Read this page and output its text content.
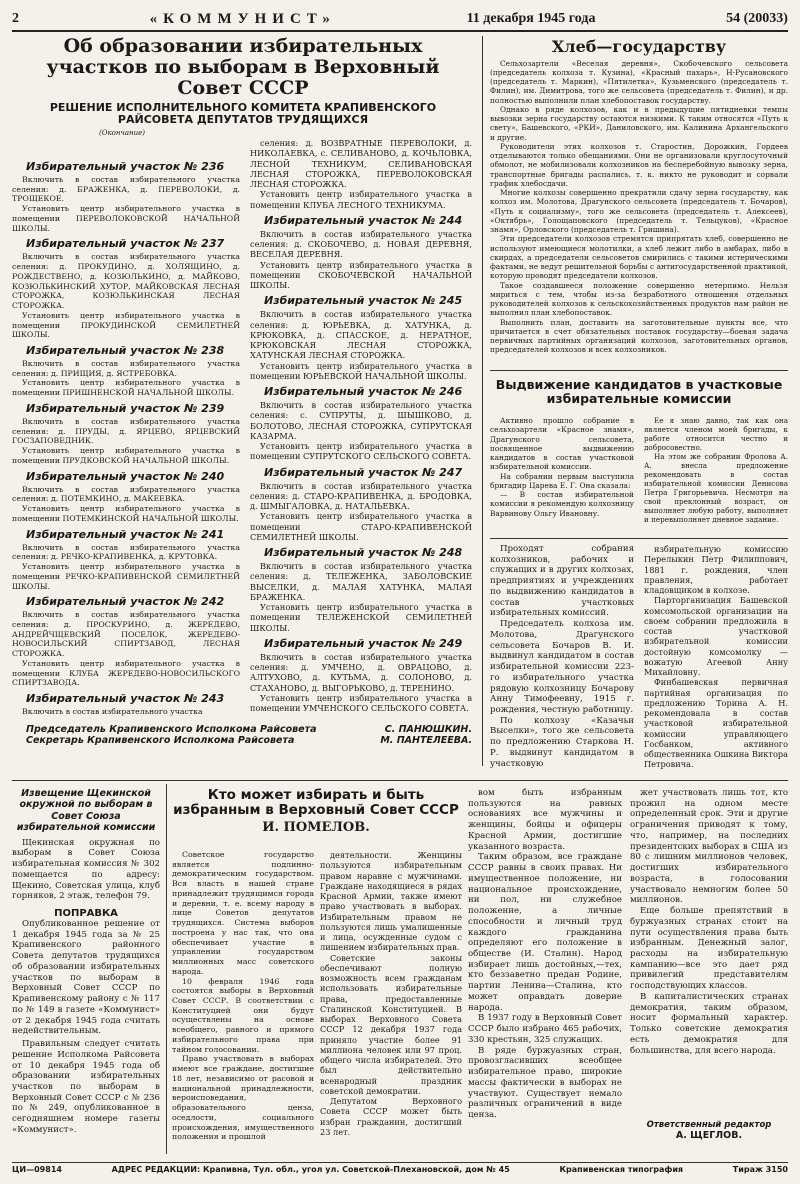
2	«КОММУНИСТ»	11 декабря 1945 года	54 (20033)
Об образовании избирательных участков по выборам в Верховный Совет СССР
РЕШЕНИЕ ИСПОЛНИТЕЛЬНОГО КОМИТЕТА КРАПИВЕНСКОГО РАЙСОВЕТА ДЕПУТАТОВ ТРУДЯЩИХСЯ
(Окончание)
Избирательный участок № 236
Включить в состав избирательного участка селения: д. БРАЖЕНКА, д. ПЕРЕВОЛОКИ, д. ТРОЩЕКОЕ.
Установить центр избирательного участка в помещении ПЕРЕВОЛОКОВСКОЙ НАЧАЛЬНОЙ ШКОЛЫ.
Избирательный участок № 237
Включить в состав избирательного участка селения: д. ПРОКУДИНО, д. ХОЛЯЩИНО, д. РОЖДЕСТВЕНО, д. КОЗЮЛЬКИНО, д. МАЙКОВО, КОЗЮЛЬКИНСКИЙ ХУТОР, МАЙКОВСКАЯ ЛЕСНАЯ СТОРОЖКА, КОЗЮЛЬКИНСКАЯ ЛЕСНАЯ СТОРОЖКА.
Установить центр избирательного участка в помещении ПРОКУДИНСКОЙ СЕМИЛЕТНЕЙ ШКОЛЫ.
Избирательный участок № 238
Включить в состав избирательного участка селения: д. ПРИЩИЯ, д. ЯСТРЕБОВКА.
Установить центр избирательного участка в помещении ПРИШНЕНСКОЙ НАЧАЛЬНОЙ ШКОЛЫ.
Избирательный участок № 239
Включить в состав избирательного участка селения: д. ПРУДЫ, д. ЯРЦЕВО, ЯРЦЕВСКИЙ ГОСЗАПОВЕДНИК.
Установить центр избирательного участка в помещении ПРУДКОВСКОЙ НАЧАЛЬНОЙ ШКОЛЫ.
Избирательный участок № 240
Включить в состав избирательного участка селения: д. ПОТЕМКИНО, д. МАКЕЕВКА.
Установить центр избирательного участка в помещении ПОТЕМКИНСКОЙ НАЧАЛЬНОЙ ШКОЛЫ.
Избирательный участок № 241
Включить в состав избирательного участка селения: д. РЕЧКО-КРАПИВЕНКА, д. КРУТОВКА.
Установить центр избирательного участка в помещении РЕЧКО-КРАПИВЕНСКОЙ СЕМИЛЕТНЕЙ ШКОЛЫ.
Избирательный участок № 242
Включить в состав избирательного участка селения: д. ПРОСКУРИНО, д. ЖЕРЕДЕВО, АНДРЕЙЧЩЕВСКИЙ ПОСЕЛОК, ЖЕРЕДЕВО-НОВОСИЛЬСКИЙ СПИРТЗАВОД, ЛЕСНАЯ СТОРОЖКА.
Установить центр избирательного участка в помещении КЛУБА ЖЕРЕДЕВО-НОВОСИЛЬСКОГО СПИРТЗАВОДА.
Избирательный участок № 243
Включить в состав избирательного участка
селения: д. ВОЗВРАТНЫЕ ПЕРЕВОЛОКИ, д. НИКОЛАЕВКА, с. СЕЛИВАНОВО, д. КОЧЬЛОВКА, ЛЕСНОЙ ТЕХНИКУМ, СЕЛИВАНОВСКАЯ ЛЕСНАЯ СТОРОЖКА, ПЕРЕВОЛОКОВСКАЯ ЛЕСНАЯ СТОРОЖКА.
Установить центр избирательного участка в помещении КЛУБА ЛЕСНОГО ТЕХНИКУМА.
Избирательный участок № 244
Включить в состав избирательного участка селения: д. СКОБОЧЕВО, д. НОВАЯ ДЕРЕВНЯ, ВЕСЕЛАЯ ДЕРЕВНЯ.
Установить центр избирательного участка в помещении СКОБОЧЕВСКОЙ НАЧАЛЬНОЙ ШКОЛЫ.
Избирательный участок № 245
Включить в состав избирательного участка селения: д. ЮРЬЕВКА, д. ХАТУНКА, д. КРЮКОВКА, д. СПАССКОЕ, д. НЕРАТНОЕ, КРЮКОВСКАЯ ЛЕСНАЯ СТОРОЖКА, ХАТУНСКАЯ ЛЕСНАЯ СТОРОЖКА.
Установить центр избирательного участка в помещении ЮРЬЕВСКОЙ НАЧАЛЬНОЙ ШКОЛЫ.
Избирательный участок № 246
Включить в состав избирательного участка селения: с. СУПРУТЫ, д. ШЫШКОВО, д. БОЛОТОВО, ЛЕСНАЯ СТОРОЖКА, СУПРУТСКАЯ КАЗАРМА.
Установить центр избирательного участка в помещении СУПРУТСКОГО СЕЛЬСКОГО СОВЕТА.
Избирательный участок № 247
Включить в состав избирательного участка селения: д. СТАРО-КРАПИВЕНКА, д. БРОДОВКА, д. ШМЫГАЛОВКА, д. НАТАЛЬЕВКА.
Установить центр избирательного участка в помещении СТАРО-КРАПИВЕНСКОЙ СЕМИЛЕТНЕЙ ШКОЛЫ.
Избирательный участок № 248
Включить в состав избирательного участка селения: д. ТЕЛЕЖЕНКА, ЗАБОЛОВСКИЕ ВЫСЕЛКИ, д. МАЛАЯ ХАТУНКА, МАЛАЯ БРАЖЕНКА.
Установить центр избирательного участка в помещении ТЕЛЕЖЕНСКОЙ СЕМИЛЕТНЕЙ ШКОЛЫ.
Избирательный участок № 249
Включить в состав избирательного участка селения: д. УМЧЕНО, д. ОВРАЦОВО, д. АЛТУХОВО, д. КУТЬМА, д. СОЛОНОВО, д. СТАХАНОВО, д. ВЫГОРЬКОВО, д. ТЕРЕНИНО.
Установить центр избирательного участка в помещении УМЧЕНСКОГО СЕЛЬСКОГО СОВЕТА.
Председатель Крапивенского Исполкома Райсовета	С. ПАНЮШКИН.
Секретарь Крапивенского Исполкома Райсовета	М. ПАНТЕЛЕЕВА.
Хлеб—государству
Сельхозартели «Веселая деревня», Скобочевского сельсовета (председатель колхоза т. Кузина), «Красный пахарь», Н-Русановского (председатель т. Маркин), «Пятилетка», Кузьменского (председатель т. Филин), им. Димитрова, того же сельсовета (председатель т. Филин), и др. полностью выполнили план хлебопоставок государству.
Однако в ряде колхозов, как и в предыдущие пятидневки темпы вывозки зерна государству остаются низкими. К таким относятся «Путь к свету», Башевского, «РКИ», Даниловского, им. Калинина Архангельского и другие.
Руководители этих колхозов т. Старостин, Дорожкин, Гордеев отделываются только обещаниями. Они не организовали круглосуточный обмолот, не мобилизовали колхозников на бесперебойную вывозку зерна, транспортные бригады распались, т. к. никто не руководит и сорвали график хлебосдачи.
Многие колхозы совершенно прекратили сдачу зерна государству, как колхоз им. Молотова, Драгунского сельсовета (председатель т. Бочаров), «Путь к социализму», того же сельсовета (председатель т. Алексеев), «Октябрь», Голощаповского (председатель т. Тельцуков), «Красное знамя», Орловского (председатель т. Гришина).
Эти председатели колхозов стремятся припрятать хлеб, совершенно не используют имеющиеся молотилки, а хлеб лежит либо в амбарах, либо в скирдах, а председатели сельсоветов смирились с такими истерическими фактами, не ведут решительной борьбы с антигосударственной практикой, которую проводят председатели колхозов.
Такое создавшееся положение совершенно нетерпимо. Нельзя мириться с тем, чтобы из-за безработного отношения отдельных руководителей колхозов к сельскохозяйственных продуктов нам район не выполнил план хлебопоставок.
Выполнить план, доставить на заготовительные пункты все, что причитается в счет обязательных поставок государству—боевая задача первичных партийных организаций колхозов, заготовительных органов, председателей колхозов и всех колхозников.
Выдвижение кандидатов в участковые избирательные комиссии
Активно прошло собрание в сельхозартели «Красное знамя», Драгунского сельсовета, посвященное выдвижению кандидатов в состав участковой избирательной комиссии.
На собрании первым выступила бригадир Царева Е. Г. Она сказала:
— В состав избирательной комиссии я рекомендую колхозницу Варвинову Ольгу Ивановну.
Ее я знаю давно, так как она является членом моей бригады, к работе относится честно и добросовестно.
На этом же собрании Фролова А. А. внесла предложение рекомендовать в состав избирательной комиссии Денисова Петра Григорьевича. Несмотря на свой преклонный возраст, он выполняет любую работу, выполняет и перевыполняет дневное задание.
Проходят собрания колхозников, рабочих и служащих и в других колхозах, предприятиях и учреждениях по выдвижению кандидатов в состав участковых избирательных комиссий.
Председатель колхоза им. Молотова, Драгунского сельсовета Бочаров В. И. выдвинул кандидатом в состав избирательной комиссии 223-го избирательного участка рядовую колхозницу Бочарову Анну Тимофеевну, 1915 г. рождения, честную работницу.
По колхозу «Казачьи Выселки», того же сельсовета по предложению Старкова Н. Р. выдвинут кандидатом в участковую
избирательную комиссию Перелыкин Петр Филиппович, 1881 г. рождения, член правления, работает кладовщиком в колхозе.
Парторганизация Башевской комсомольской организации на своем собрании предложила в состав участковой избирательной комиссии достойную комсомолку — вожатую Агеевой Анну Михайловну.
Финбашевская первичная партийная организация по предложению Торина А. Н. рекомендовала в состав участковой избирательной комиссии управляющего Госбанком, активного общественника Ошкина Виктора Петровича.
Извещение Щекинской окружной по выборам в Совет Союза избирательной комиссии
Щекинская окружная по выборам в Совет Союза избирательная комиссия № 302 помещается по адресу: Щекино, Советская улица, клуб горняков, 2 этаж, телефон 79.
ПОПРАВКА
Опубликованное решение от 1 декабря 1945 года за № 25 Крапивенского районного Совета депутатов трудящихся об образовании избирательных участков по выборам в Верховный Совет СССР по Крапивенскому району с № 117 по № 149 в газете «Коммунист» от 2 декабря 1945 года считать недействительным.
Правильным следует считать решение Исполкома Райсовета от 10 декабря 1945 года об образовании избирательных участков по выборам в Верховный Совет СССР с № 236 по № 249, опубликованное в сегодняшнем номере газеты «Коммунист».
Кто может избирать и быть избранным в Верховный Совет СССР
И. ПОМЕЛОВ.
Советское государство является подлинно-демократическим государством. Вся власть в нашей стране принадлежит трудящимся города и деревни, т. е. всему народу в лице Советов депутатов трудящихся. Система выборов построена у нас так, что она обеспечивает участие в управлении государством миллионных масс советского народа.
10 февраля 1946 года состоятся выборы в Верховный Совет СССР. В соответствии с Конституцией они будут осуществлены на основе всеобщего, равного и прямого избирательного права при тайном голосовании.
Право участвовать в выборах имеют все граждане, достигшие 18 лет, независимо от расовой и национальной принадлежности, вероисповедания, образовательного ценза, оседлости, социального происхождения, имущественного положения и прошлой
деятельности. Женщины пользуются избирательным правом наравне с мужчинами. Граждане находящиеся в рядах Красной Армии, также имеют право участвовать в выборах. Избирательным правом не пользуются лишь умалишенные и лица, осужденные судом с лишением избирательных прав.
Советские законы обеспечивают полную возможность всем гражданам использовать избирательные права, предоставленные Сталинской Конституцией. В выборах Верховного Совета СССР 12 декабря 1937 года приняло участие более 91 миллиона человек или 97 проц. общего числа избирателей. Это был действительно всенародный праздник советской демократии.
Депутатом Верховного Совета СССР может быть избран гражданин, достигший 23 лет.
вом быть избранным пользуются на равных основаниях все мужчины и женщины, бойцы и офицеры Красной Армии, достигшие указанного возраста.
Таким образом, все граждане СССР равны в своих правах. Ни имущественное положение, ни национальное происхождение, ни пол, ни служебное положение, а личные способности и личный труд каждого гражданина определяют его положение в обществе (И. Сталин). Народ избирает лишь достойных,—тех, кто беззаветно предан Родине, партии Ленина—Сталина, кто может оправдать доверие народа.
В 1937 году в Верховный Совет СССР было избрано 465 рабочих, 330 крестьян, 325 служащих.
В ряде буржуазных стран, провозгласивших всеобщее избирательное право, широкие массы фактически в выборах не участвуют. Существует немало различных ограничений в виде ценза.
жет участвовать лишь тот, кто прожил на одном месте определенный срок. Эти и другие ограничения приводят к тому, что, например, на последних президентских выборах в США из 80 с лишним миллионов человек, достигших избирательного возраста, в голосовании участвовало немногим более 50 миллионов.
Еще больше препятствий в буржуазных странах стоит на пути осуществления права быть избранным. Денежный залог, расходы на избирательную кампанию—все это дает ряд привилегий представителям господствующих классов.
В капиталистических странах демократия, таким образом, носит формальный характер. Только советские демократия есть демократия для большинства, для всего народа.
Ответственный редактор
А. ЩЕГЛОВ.
ЦИ—09814	АДРЕС РЕДАКЦИИ: Крапивна, Тул. обл., угол ул. Советской-Плехановской, дом № 45	Крапивенская типография	Тираж 3150
